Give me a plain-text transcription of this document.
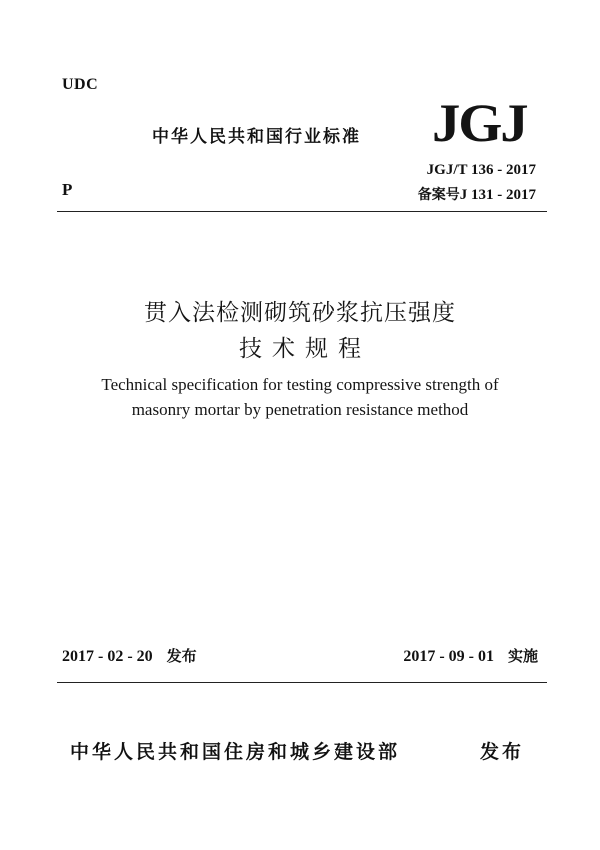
UDC
中华人民共和国行业标准 JGJ
P
JGJ/T 136 - 2017
备案号J 131 - 2017
贯入法检测砌筑砂浆抗压强度
技术规程
Technical specification for testing compressive strength of
masonry mortar by penetration resistance method
2017 - 02 - 20 发布	2017 - 09 - 01 实施
中华人民共和国住房和城乡建设部	发布
